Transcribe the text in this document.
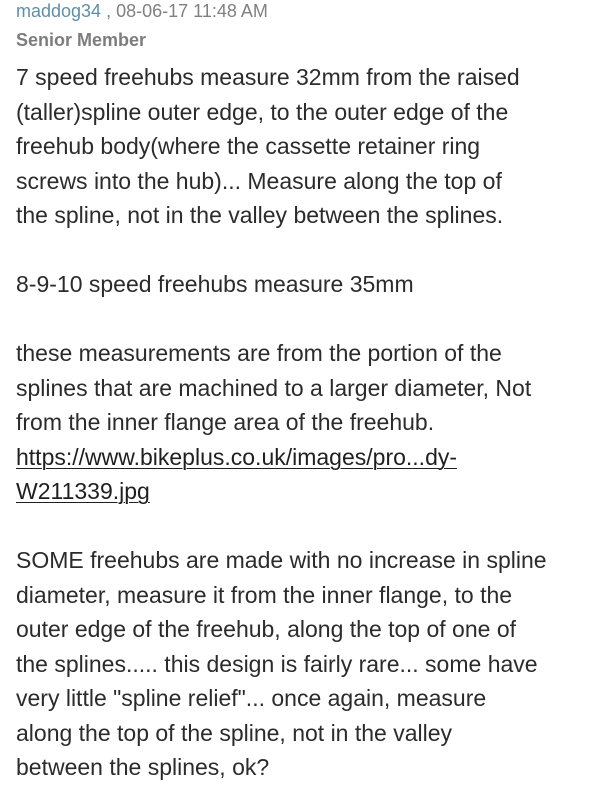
maddog34 , 08-06-17 11:48 AM
Senior Member
7 speed freehubs measure 32mm from the raised
(taller)spline outer edge, to the outer edge of the
freehub body(where the cassette retainer ring
screws into the hub)... Measure along the top of
the spline, not in the valley between the splines.
8-9-10 speed freehubs measure 35mm
these measurements are from the portion of the
splines that are machined to a larger diameter, Not
from the inner flange area of the freehub.
https://www.bikeplus.co.uk/images/pro...dy-
W211339.jpg
SOME freehubs are made with no increase in spline
diameter, measure it from the inner flange, to the
outer edge of the freehub, along the top of one of
the splines..... this design is fairly rare... some have
very little "spline relief"... once again, measure
along the top of the spline, not in the valley
between the splines, ok?
